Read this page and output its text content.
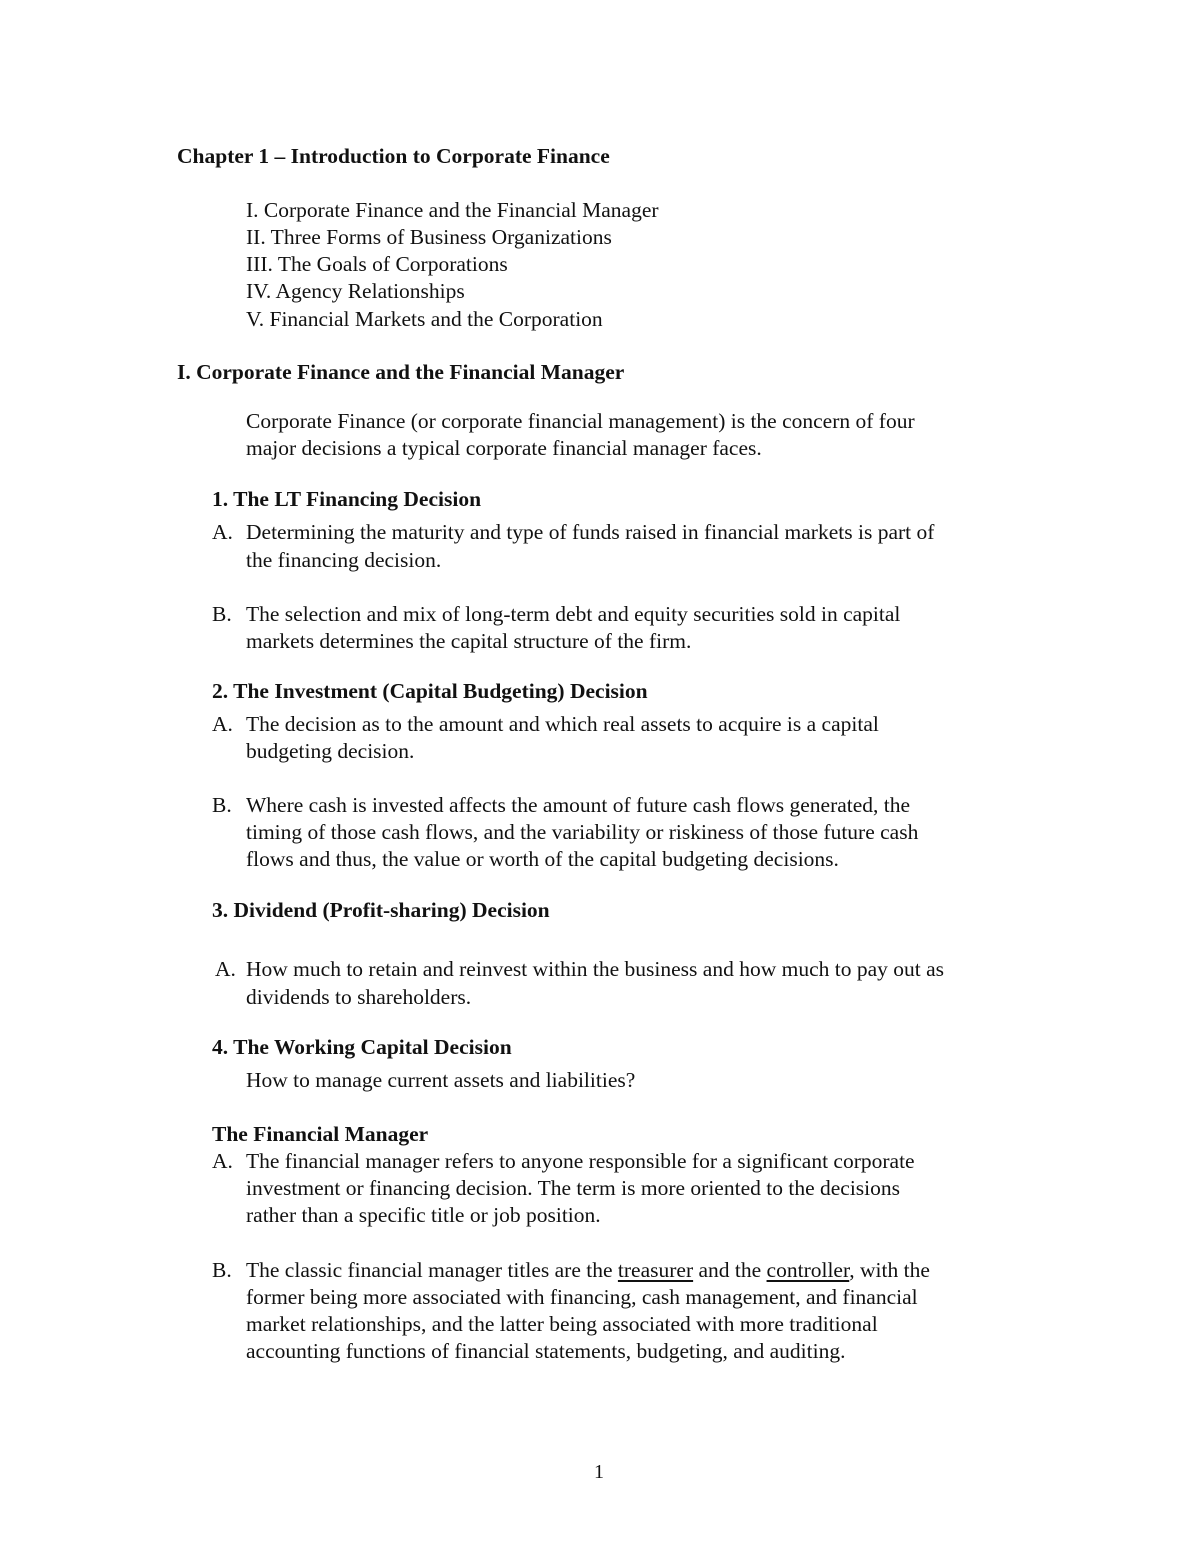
Chapter 1 – Introduction to Corporate Finance
I. Corporate Finance and the Financial Manager
II. Three Forms of Business Organizations
III. The Goals of Corporations
IV. Agency Relationships
V. Financial Markets and the Corporation
I. Corporate Finance and the Financial Manager
Corporate Finance (or corporate financial management) is the concern of four
major decisions a typical corporate financial manager faces.
1. The LT Financing Decision
A. Determining the maturity and type of funds raised in financial markets is part of
the financing decision.
B. The selection and mix of long-term debt and equity securities sold in capital
markets determines the capital structure of the firm.
2. The Investment (Capital Budgeting) Decision
A. The decision as to the amount and which real assets to acquire is a capital
budgeting decision.
B. Where cash is invested affects the amount of future cash flows generated, the
timing of those cash flows, and the variability or riskiness of those future cash
flows and thus, the value or worth of the capital budgeting decisions.
3. Dividend (Profit-sharing) Decision
A. How much to retain and reinvest within the business and how much to pay out as
dividends to shareholders.
4. The Working Capital Decision
How to manage current assets and liabilities?
The Financial Manager
A. The financial manager refers to anyone responsible for a significant corporate
investment or financing decision. The term is more oriented to the decisions
rather than a specific title or job position.
B. The classic financial manager titles are the treasurer and the controller, with the
former being more associated with financing, cash management, and financial
market relationships, and the latter being associated with more traditional
accounting functions of financial statements, budgeting, and auditing.
1
